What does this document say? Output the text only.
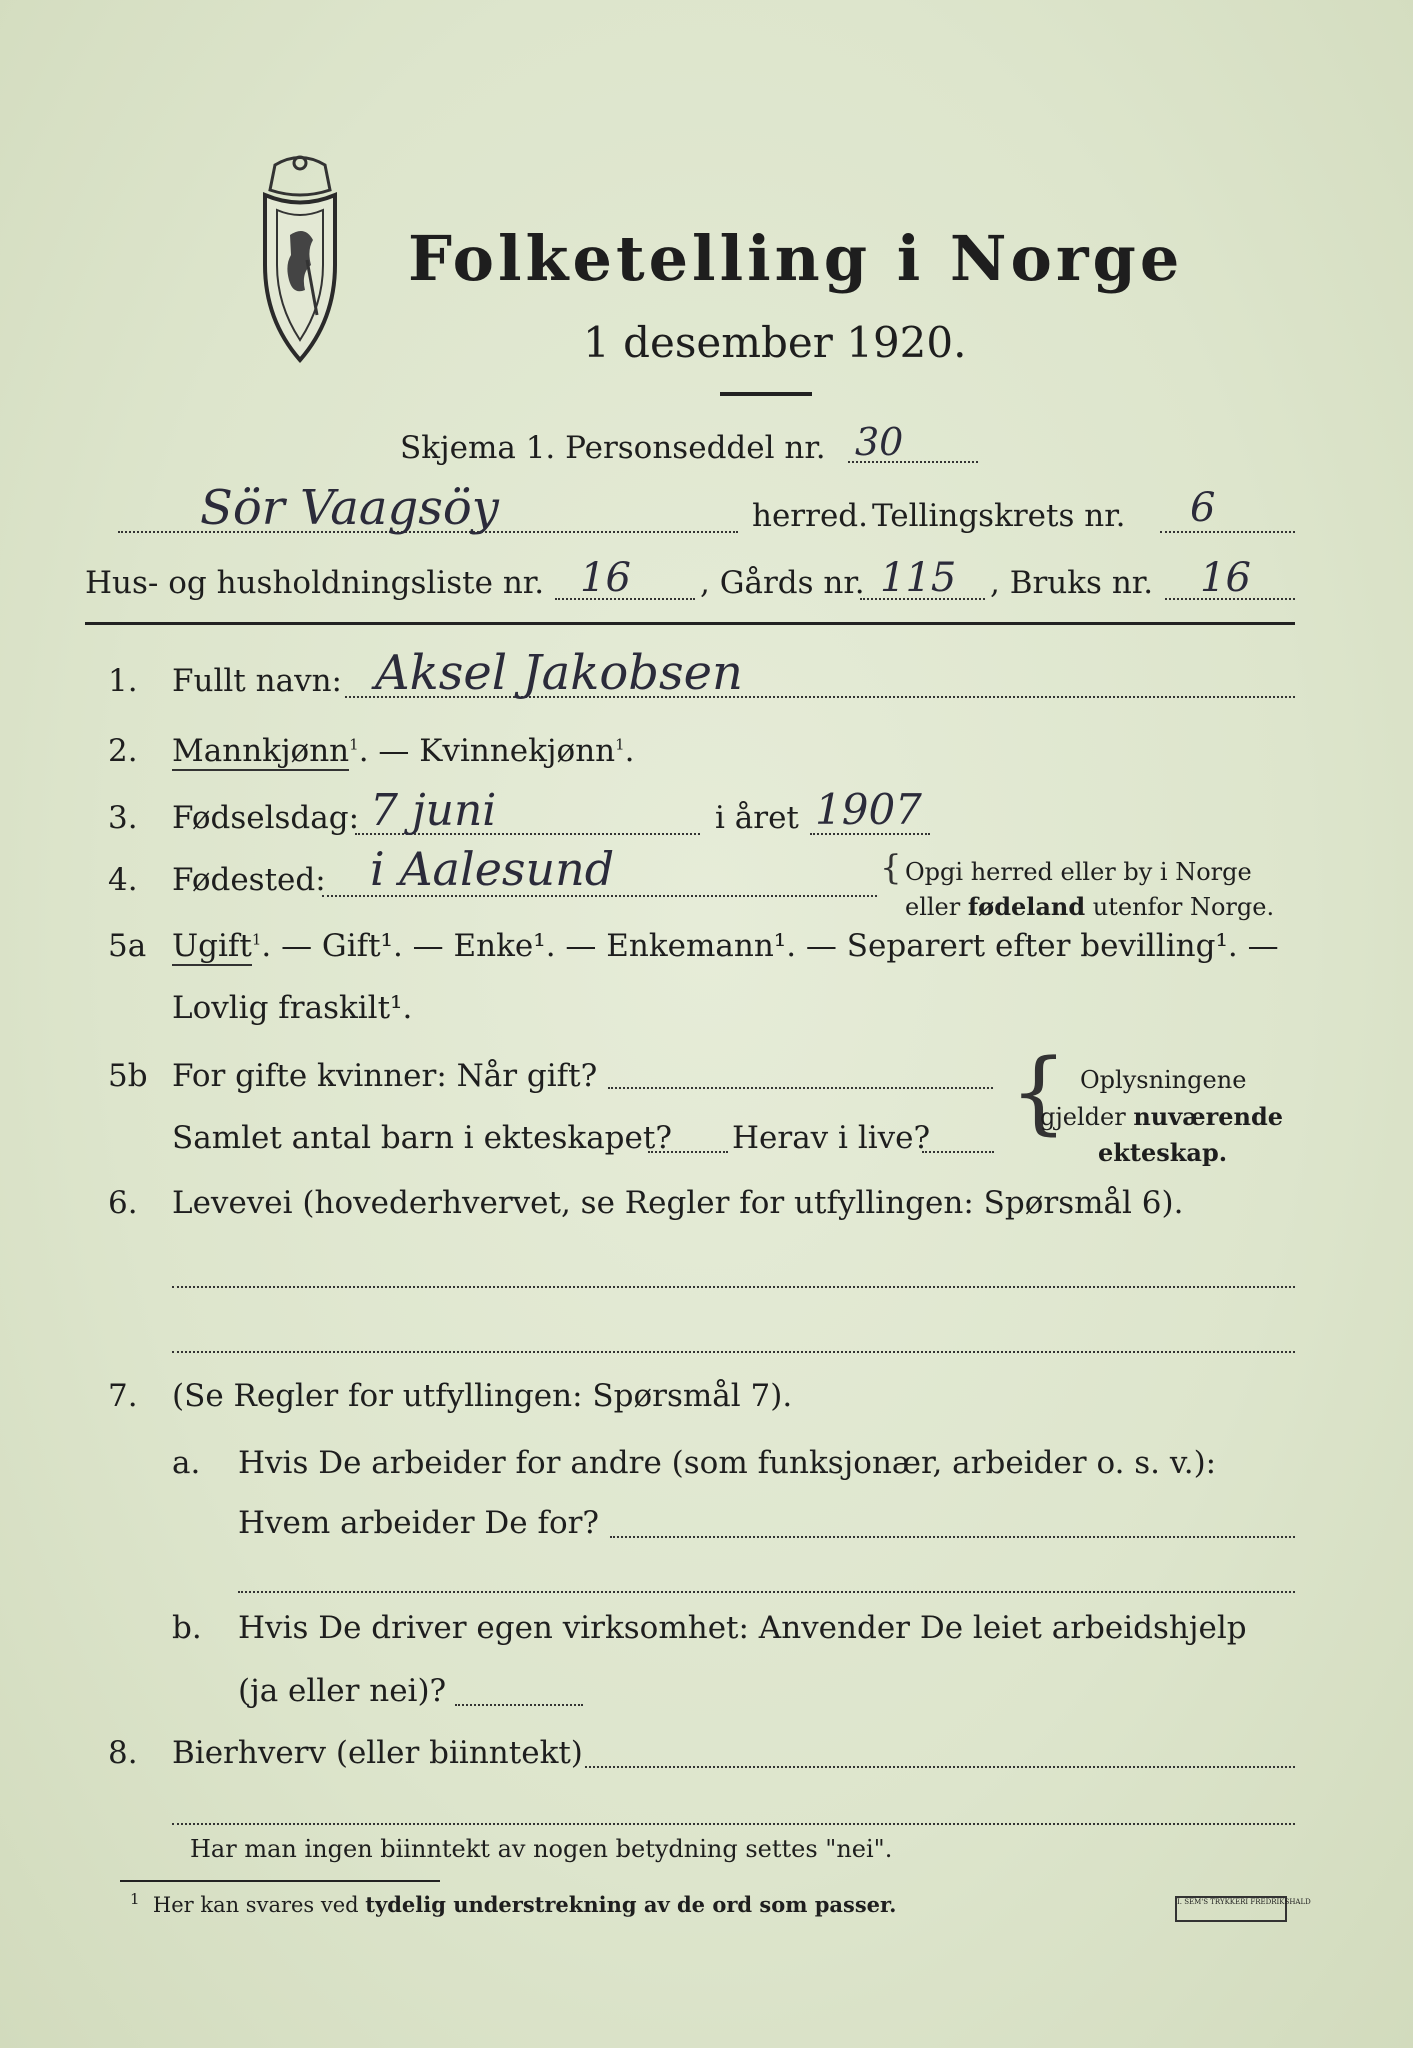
Folketelling i Norge
1 desember 1920.
Skjema 1. Personseddel nr. 30
Sör Vaagsöy	herred. Tellingskrets nr. 6
Hus- og husholdningsliste nr. 16 , Gårds nr. 115 , Bruks nr. 16
1. Fullt navn: Aksel Jakobsen
2. Mannkjønn$^1$. — Kvinnekjønn$^1$.
3. Fødselsdag: 7 juni	i året 1907
4. Fødested: i Aalesund	{ Opgi herred eller by i Norge
eller fødeland utenfor Norge.
5a Ugift$^1$. — Gift¹. — Enke¹. — Enkemann¹. — Separert efter bevilling¹. —
Lovlig fraskilt¹.
5b For gifte kvinner: Når gift?
Samlet antal barn i ekteskapet? Herav i live? { Oplysningene
gjelder nuværende
ekteskap.
6. Levevei (hovederhvervet, se Regler for utfyllingen: Spørsmål 6).
7. (Se Regler for utfyllingen: Spørsmål 7).
a. Hvis De arbeider for andre (som funksjonær, arbeider o. s. v.):
Hvem arbeider De for?
b. Hvis De driver egen virksomhet: Anvender De leiet arbeidshjelp
(ja eller nei)?
8. Bierhverv (eller biinntekt)
Har man ingen biinntekt av nogen betydning settes "nei".
$^1$ Her kan svares ved tydelig understrekning av de ord som passer.	I. SEM'S TRYKKERI FREDRIKSHALD
